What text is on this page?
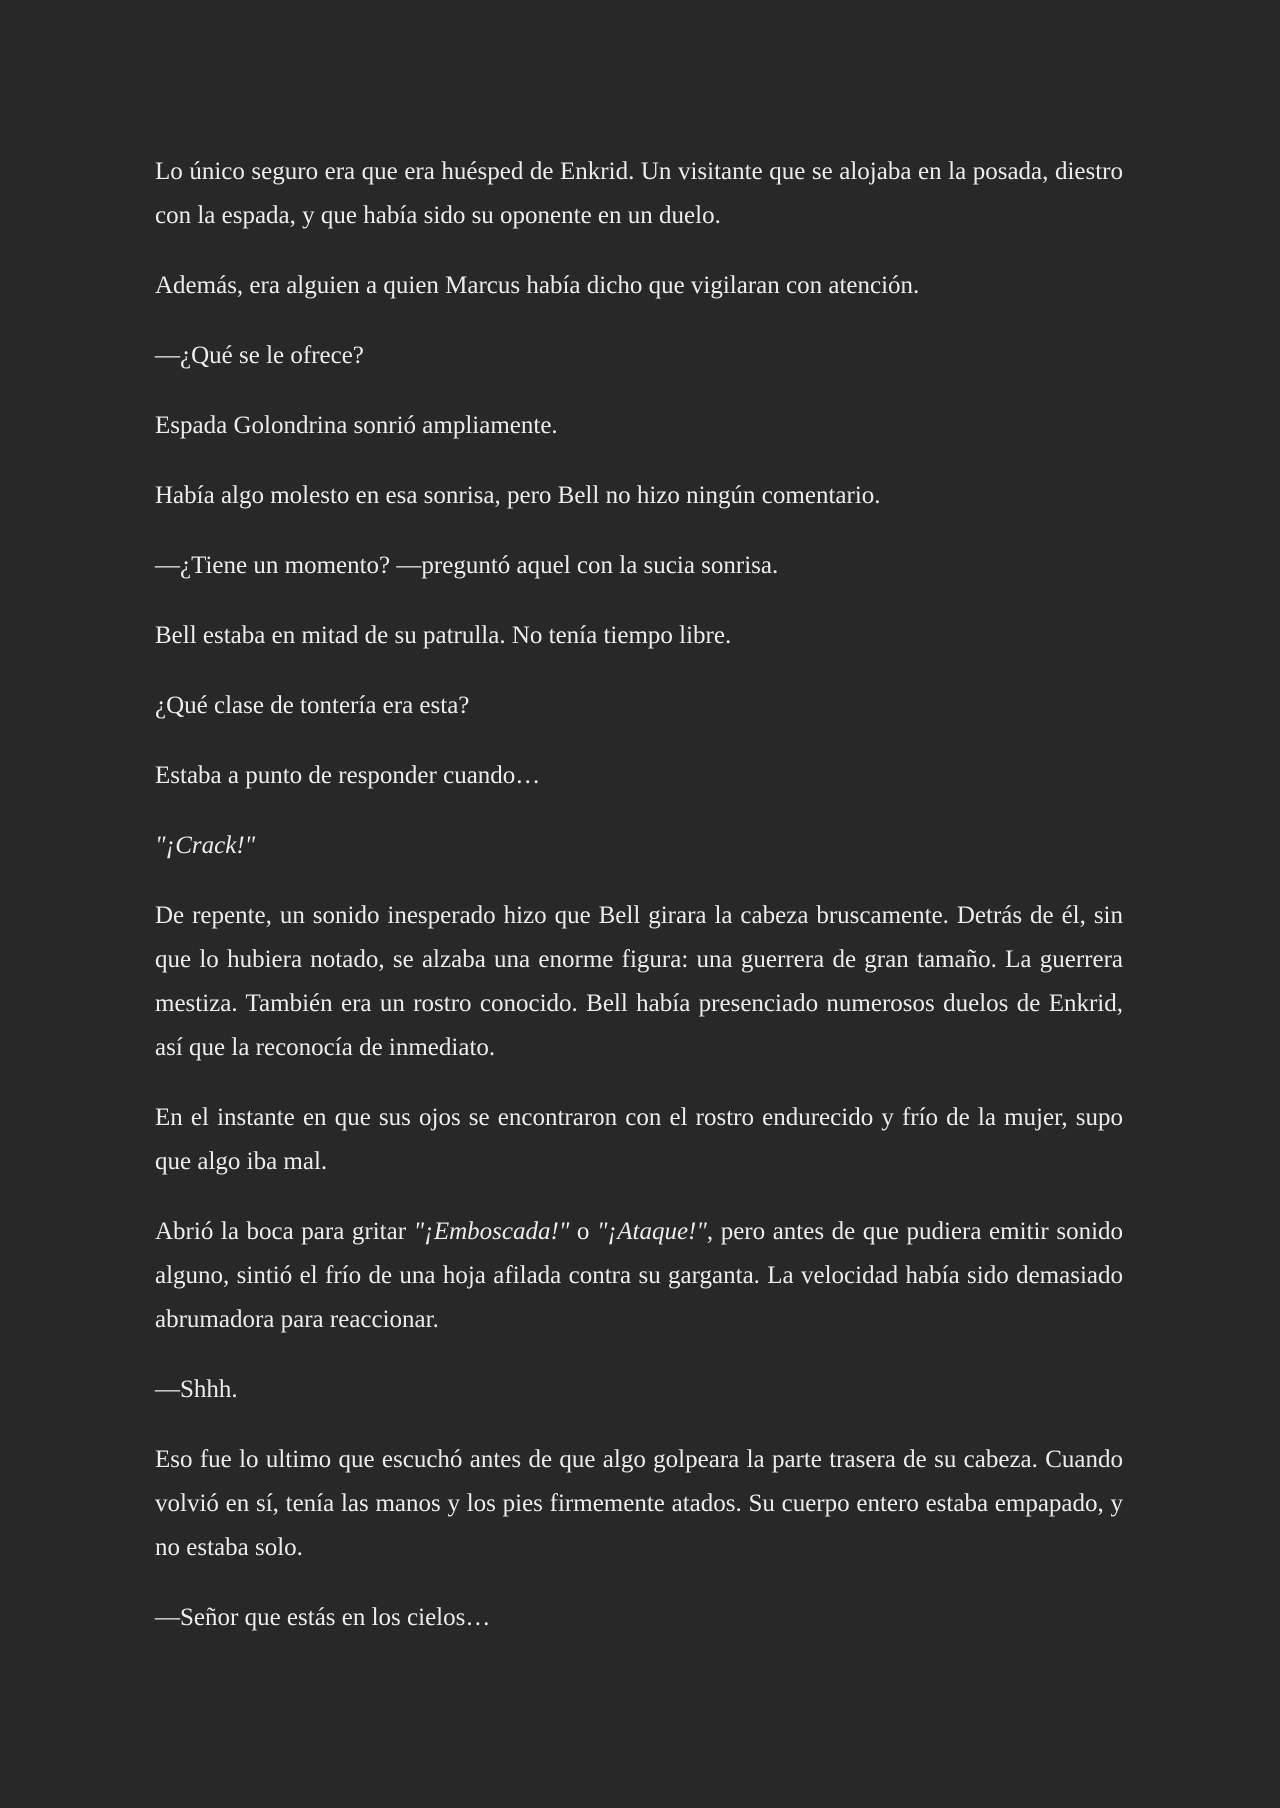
Lo único seguro era que era huésped de Enkrid. Un visitante que se alojaba en la posada, diestro con la espada, y que había sido su oponente en un duelo.

Además, era alguien a quien Marcus había dicho que vigilaran con atención.

—¿Qué se le ofrece?

Espada Golondrina sonrió ampliamente.

Había algo molesto en esa sonrisa, pero Bell no hizo ningún comentario.

—¿Tiene un momento? —preguntó aquel con la sucia sonrisa.

Bell estaba en mitad de su patrulla. No tenía tiempo libre.

¿Qué clase de tontería era esta?

Estaba a punto de responder cuando…

"¡Crack!"

De repente, un sonido inesperado hizo que Bell girara la cabeza bruscamente. Detrás de él, sin que lo hubiera notado, se alzaba una enorme figura: una guerrera de gran tamaño. La guerrera mestiza. También era un rostro conocido. Bell había presenciado numerosos duelos de Enkrid, así que la reconocía de inmediato.

En el instante en que sus ojos se encontraron con el rostro endurecido y frío de la mujer, supo que algo iba mal.

Abrió la boca para gritar "¡Emboscada!" o "¡Ataque!", pero antes de que pudiera emitir sonido alguno, sintió el frío de una hoja afilada contra su garganta. La velocidad había sido demasiado abrumadora para reaccionar.

—Shhh.

Eso fue lo ultimo que escuchó antes de que algo golpeara la parte trasera de su cabeza. Cuando volvió en sí, tenía las manos y los pies firmemente atados. Su cuerpo entero estaba empapado, y no estaba solo.

—Señor que estás en los cielos…
